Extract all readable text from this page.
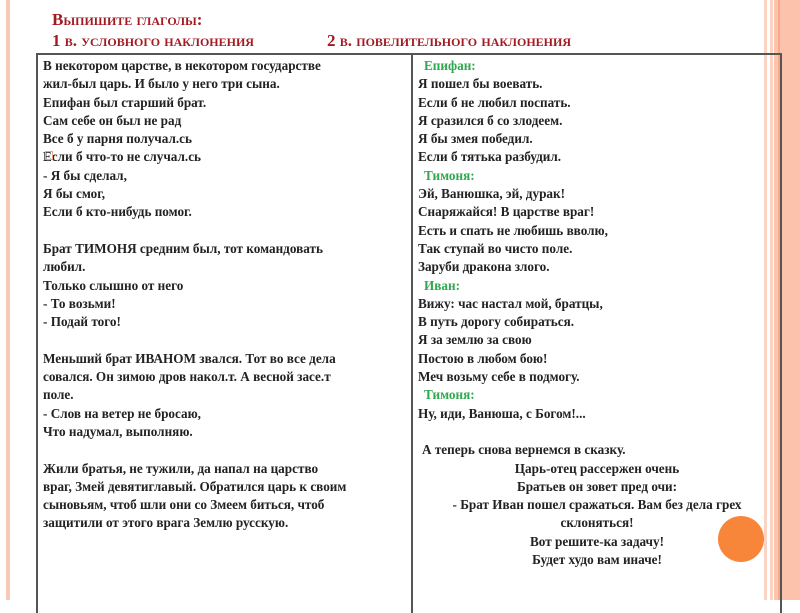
Выпишите глаголы:
1 в. условного наклонения	2 в. повелительного наклонения
В некотором царстве, в некотором государстве
жил-был царь. И было у него три сына.
Епифан был старший брат.
Сам себе он был не рад
Все б у парня получал.сь
Если б что-то не случал.сь
- Я бы сделал,
Я бы смог,
Если б кто-нибудь помог.
Брат ТИМОНЯ средним был, тот командовать
любил.
Только слышно от него
- То возьми!
- Подай того!
Меньший брат ИВАНОМ звался. Тот во все дела
совался. Он зимою дров накол.т. А весной засе.т
поле.
- Слов на ветер не бросаю,
Что надумал, выполняю.
Жили братья, не тужили, да напал на царство
враг, Змей девятиглавый. Обратился царь к своим
сыновьям, чтоб шли они со Змеем биться, чтоб
защитили от этого врага Землю русскую.
Епифан:
Я пошел бы воевать.
Если б не любил поспать.
Я сразился б со злодеем.
Я бы змея победил.
Если б тятька разбудил.
Тимоня:
Эй, Ванюшка, эй, дурак!
Снаряжайся! В царстве враг!
Есть и спать не любишь вволю,
Так ступай во чисто поле.
Заруби дракона злого.
Иван:
Вижу: час настал мой, братцы,
В путь дорогу собираться.
Я за землю за свою
Постою в любом бою!
Меч возьму себе в подмогу.
Тимоня:
Ну, иди, Ванюша, с Богом!...
А теперь снова вернемся в сказку.
Царь-отец рассержен очень
Братьев он зовет пред очи:
- Брат Иван пошел сражаться. Вам без дела грех
склоняться!
Вот решите-ка задачу!
Будет худо вам иначе!
